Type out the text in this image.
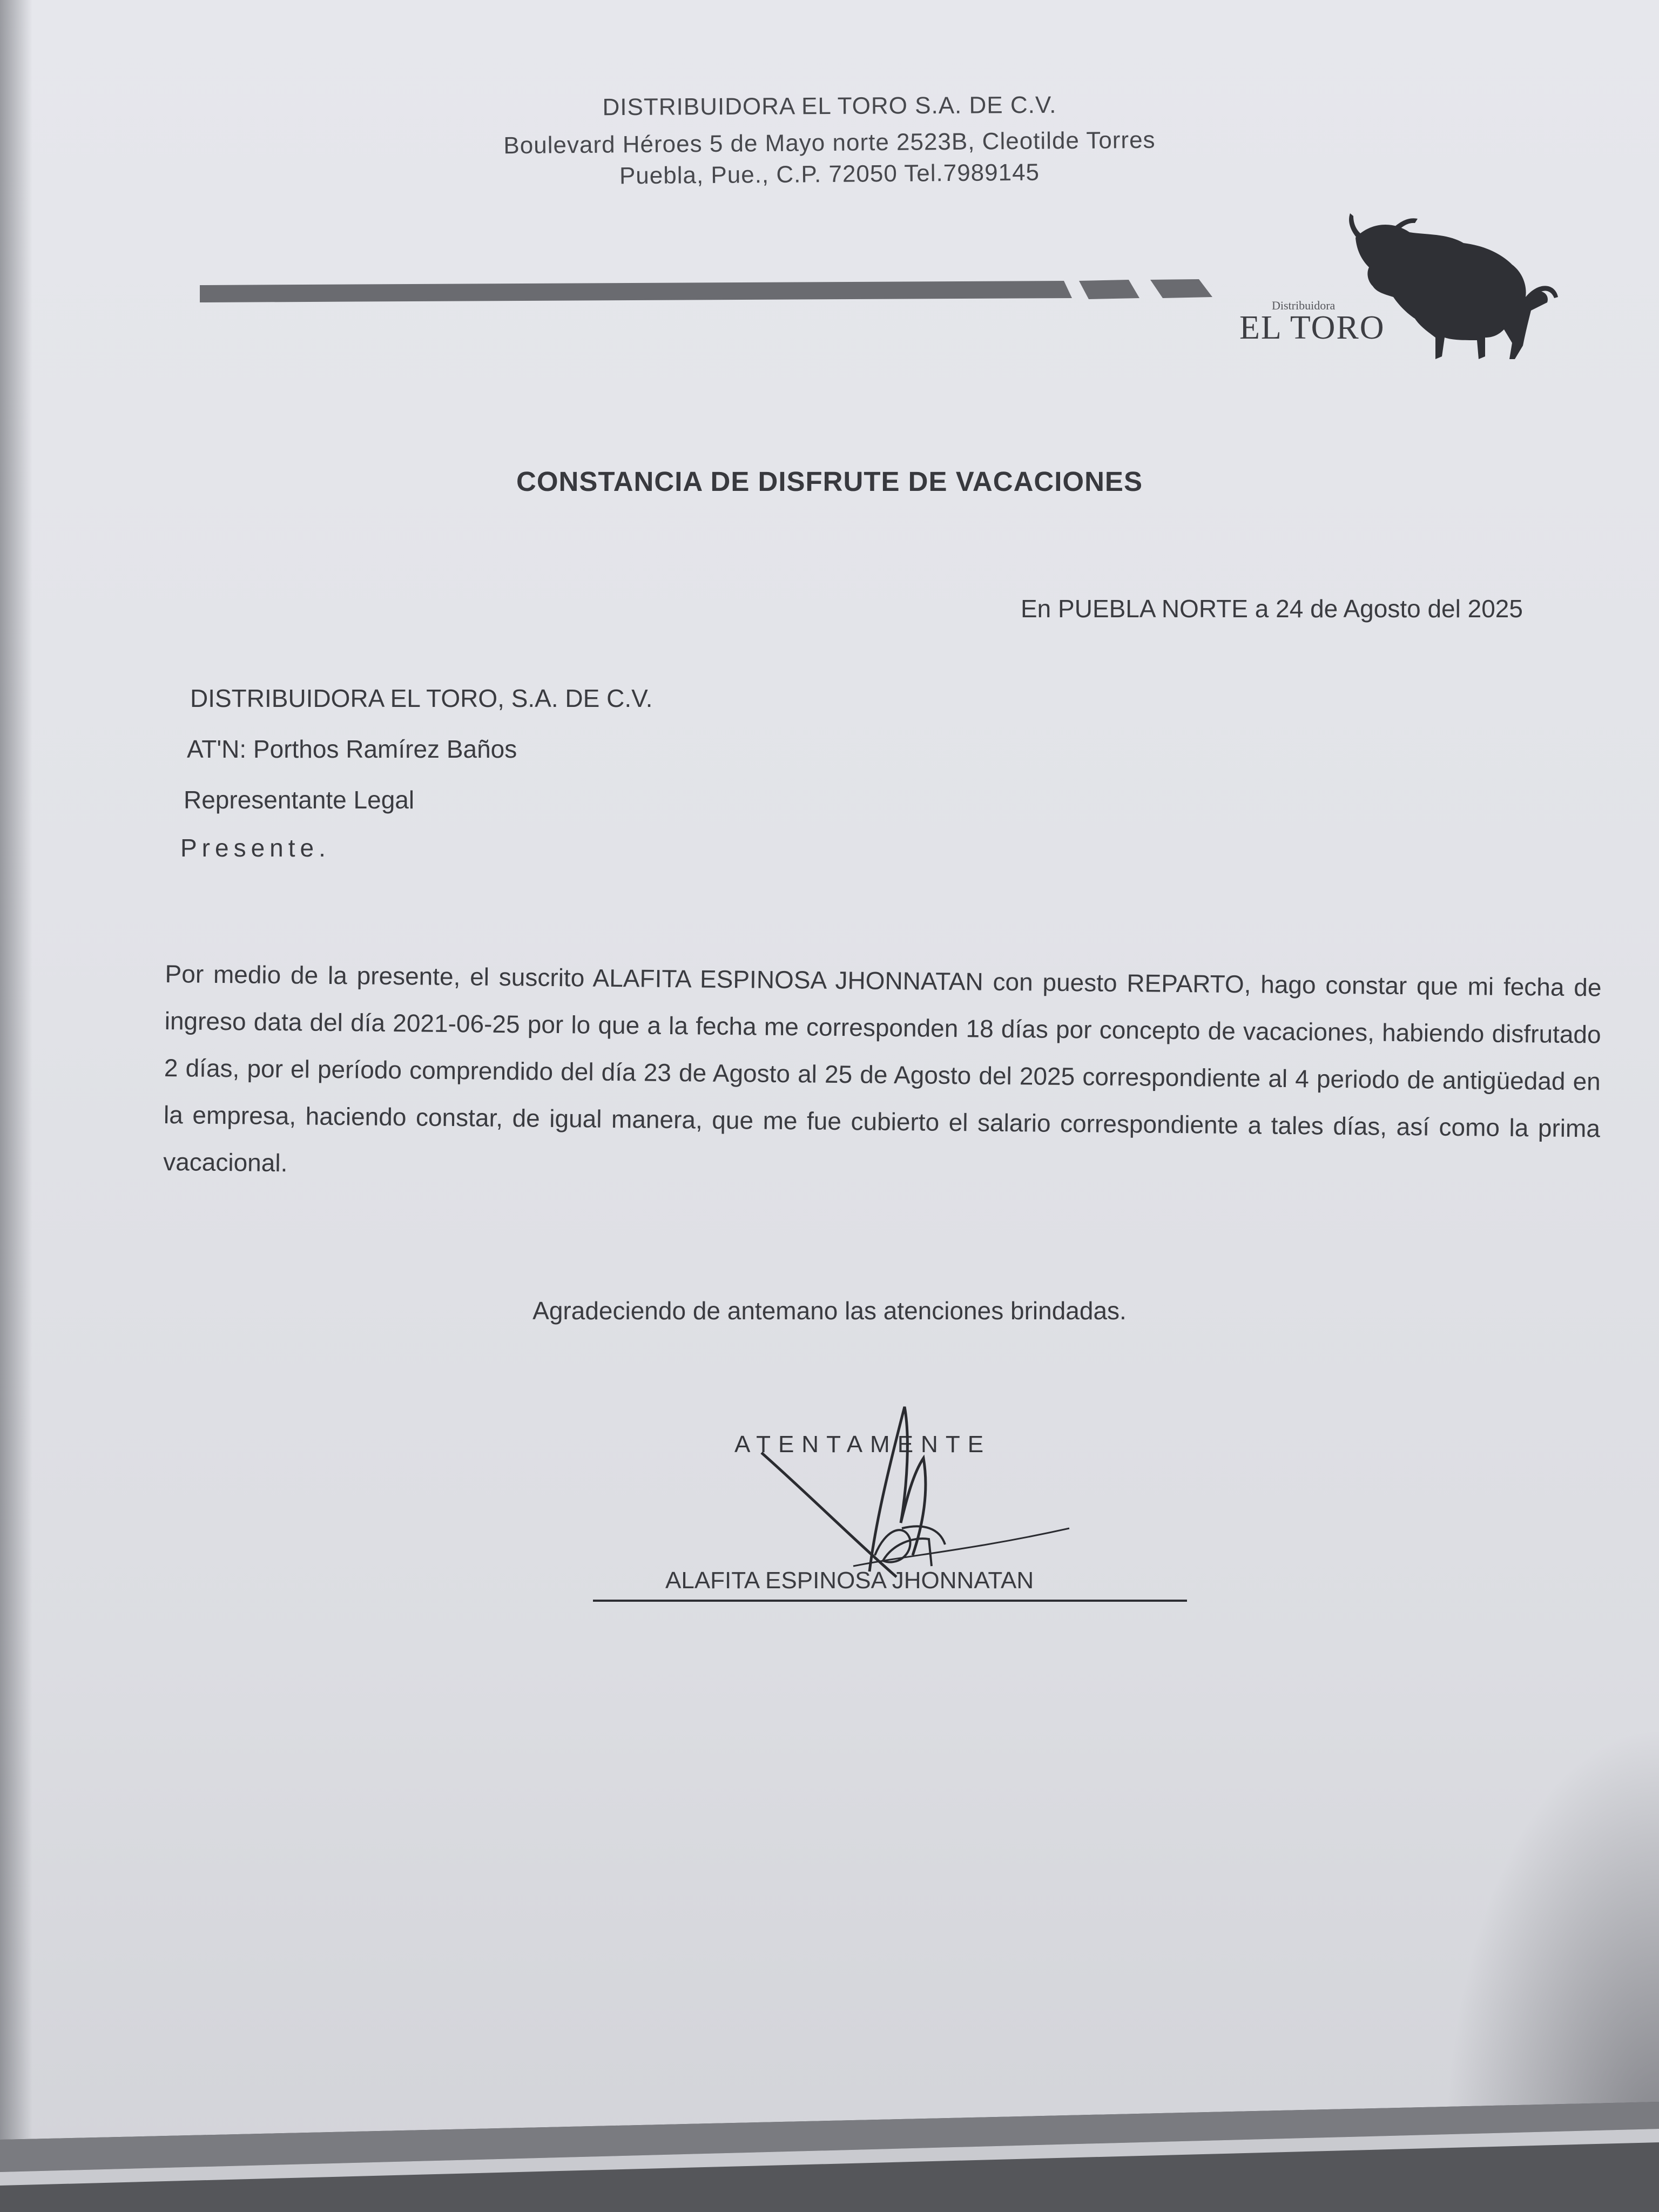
DISTRIBUIDORA EL TORO S.A. DE C.V.
Boulevard Héroes 5 de Mayo norte 2523B, Cleotilde Torres
Puebla, Pue., C.P. 72050 Tel.7989145
Distribuidora
EL TORO
CONSTANCIA DE DISFRUTE DE VACACIONES
En PUEBLA NORTE a 24 de Agosto del 2025
DISTRIBUIDORA EL TORO, S.A. DE C.V.
AT'N: Porthos Ramírez Baños
Representante Legal
Presente.
Por medio de la presente, el suscrito ALAFITA ESPINOSA JHONNATAN con puesto REPARTO, hago constar que mi fecha de ingreso data del día 2021-06-25 por lo que a la fecha me corresponden 18 días por concepto de vacaciones, habiendo disfrutado 2 días, por el período comprendido del día 23 de Agosto al 25 de Agosto del 2025 correspondiente al 4 periodo de antigüedad en la empresa, haciendo constar, de igual manera, que me fue cubierto el salario correspondiente a tales días, así como la prima vacacional.
Agradeciendo de antemano las atenciones brindadas.
ATENTAMENTE
ALAFITA ESPINOSA JHONNATAN
